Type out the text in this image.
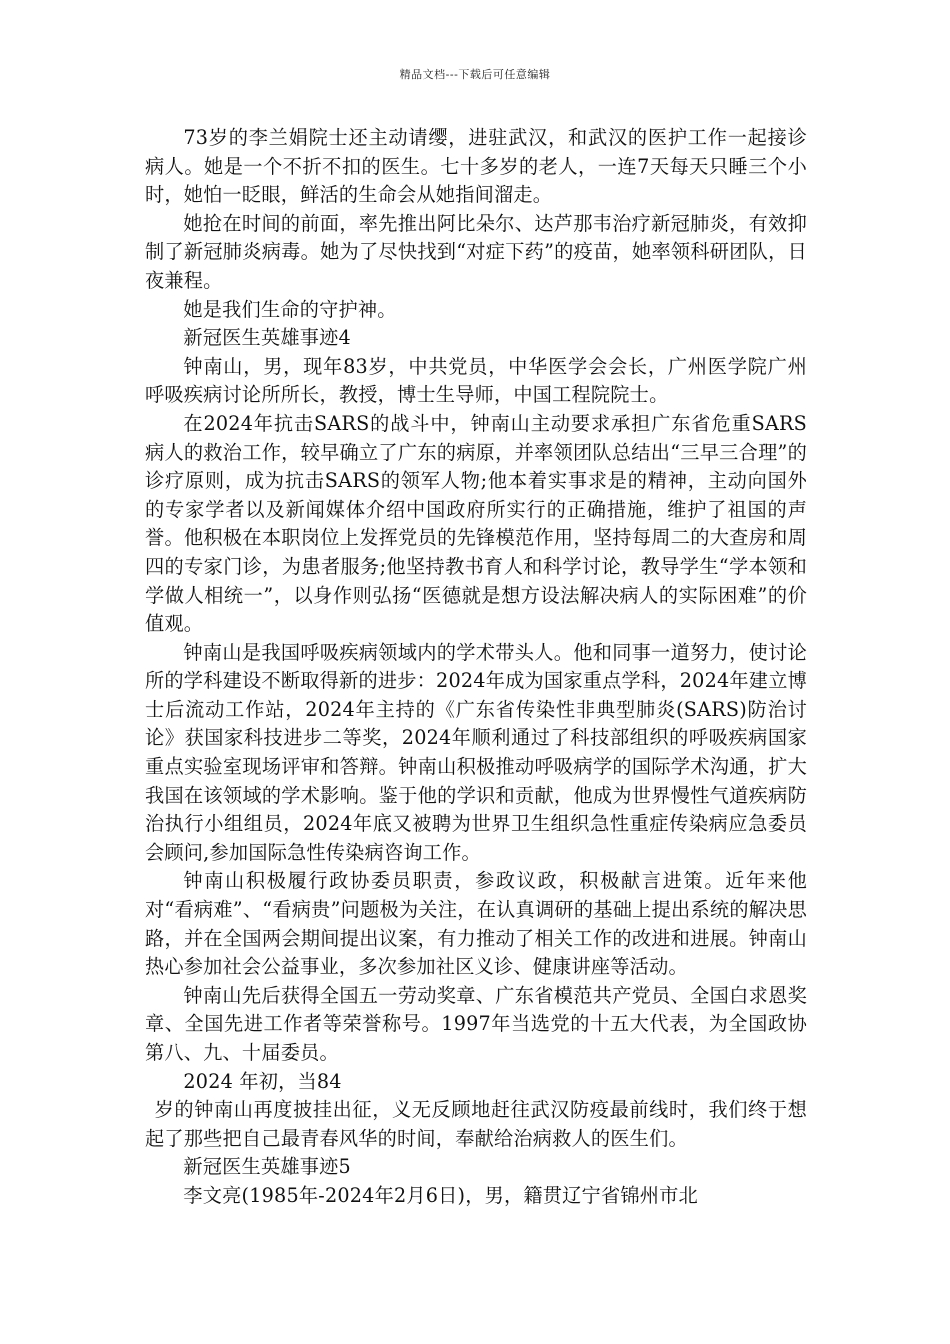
精品文档---下载后可任意编辑

73岁的李兰娟院士还主动请缨，进驻武汉，和武汉的医护工作一起接诊病人。她是一个不折不扣的医生。七十多岁的老人，一连7天每天只睡三个小时，她怕一眨眼，鲜活的生命会从她指间溜走。

她抢在时间的前面，率先推出阿比朵尔、达芦那韦治疗新冠肺炎，有效抑制了新冠肺炎病毒。她为了尽快找到“对症下药”的疫苗，她率领科研团队，日夜兼程。

她是我们生命的守护神。

新冠医生英雄事迹4

钟南山，男，现年83岁，中共党员，中华医学会会长，广州医学院广州呼吸疾病讨论所所长，教授，博士生导师，中国工程院院士。

在2024年抗击SARS的战斗中，钟南山主动要求承担广东省危重SARS病人的救治工作，较早确立了广东的病原，并率领团队总结出“三早三合理”的诊疗原则，成为抗击SARS的领军人物;他本着实事求是的精神，主动向国外的专家学者以及新闻媒体介绍中国政府所实行的正确措施，维护了祖国的声誉。他积极在本职岗位上发挥党员的先锋模范作用，坚持每周二的大查房和周四的专家门诊，为患者服务;他坚持教书育人和科学讨论，教导学生“学本领和学做人相统一”，以身作则弘扬“医德就是想方设法解决病人的实际困难”的价值观。

钟南山是我国呼吸疾病领域内的学术带头人。他和同事一道努力，使讨论所的学科建设不断取得新的进步：2024年成为国家重点学科，2024年建立博士后流动工作站，2024年主持的《广东省传染性非典型肺炎(SARS)防治讨论》获国家科技进步二等奖，2024年顺利通过了科技部组织的呼吸疾病国家重点实验室现场评审和答辩。钟南山积极推动呼吸病学的国际学术沟通，扩大我国在该领域的学术影响。鉴于他的学识和贡献，他成为世界慢性气道疾病防治执行小组组员，2024年底又被聘为世界卫生组织急性重症传染病应急委员会顾问,参加国际急性传染病咨询工作。

钟南山积极履行政协委员职责，参政议政，积极献言进策。近年来他对“看病难”、“看病贵”问题极为关注，在认真调研的基础上提出系统的解决思路，并在全国两会期间提出议案，有力推动了相关工作的改进和进展。钟南山热心参加社会公益事业，多次参加社区义诊、健康讲座等活动。

钟南山先后获得全国五一劳动奖章、广东省模范共产党员、全国白求恩奖章、全国先进工作者等荣誉称号。1997年当选党的十五大代表，为全国政协第八、九、十届委员。

2024 年初，当84

岁的钟南山再度披挂出征，义无反顾地赶往武汉防疫最前线时，我们终于想起了那些把自己最青春风华的时间，奉献给治病救人的医生们。

新冠医生英雄事迹5

李文亮(1985年-2024年2月6日)，男，籍贯辽宁省锦州市北
